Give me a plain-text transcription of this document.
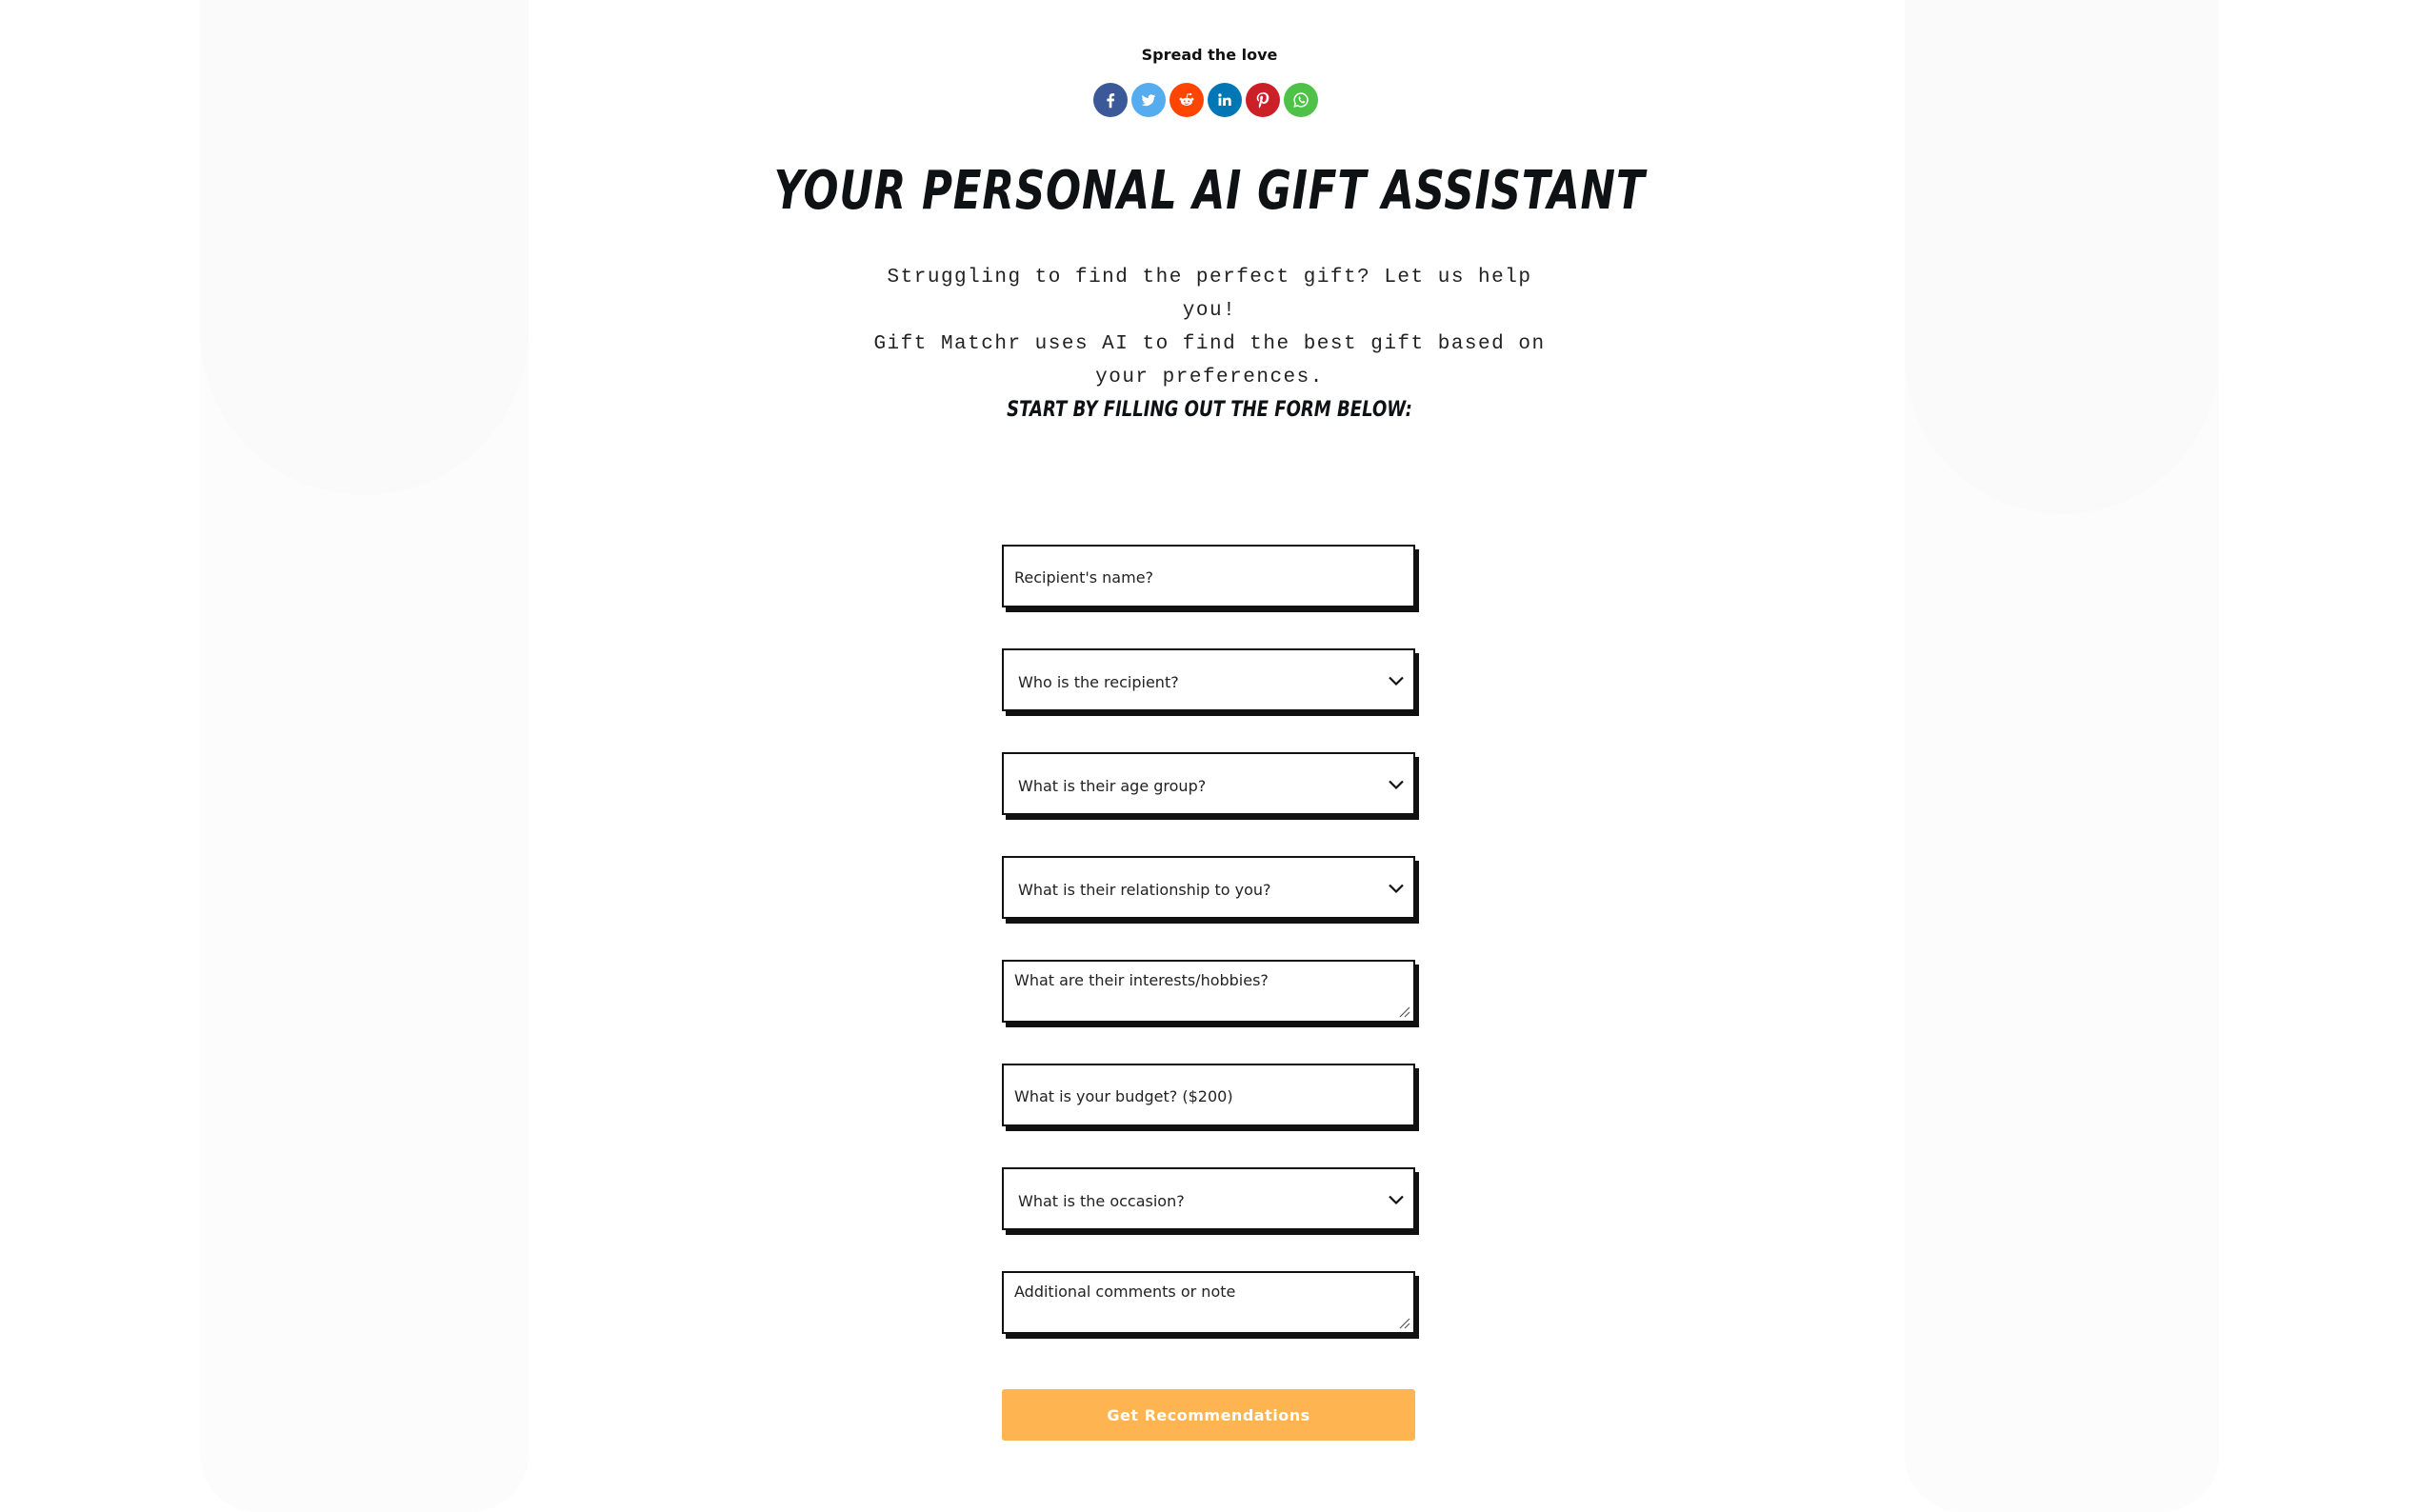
Spread the love
YOUR PERSONAL AI GIFT ASSISTANT
Struggling to find the perfect gift? Let us help you!
Gift Matchr uses AI to find the best gift based on
your preferences.
START BY FILLING OUT THE FORM BELOW:
Recipient's name?
Who is the recipient?
What is their age group?
What is their relationship to you?
What are their interests/hobbies?
What is your budget? ($200)
What is the occasion?
Additional comments or note
Get Recommendations
